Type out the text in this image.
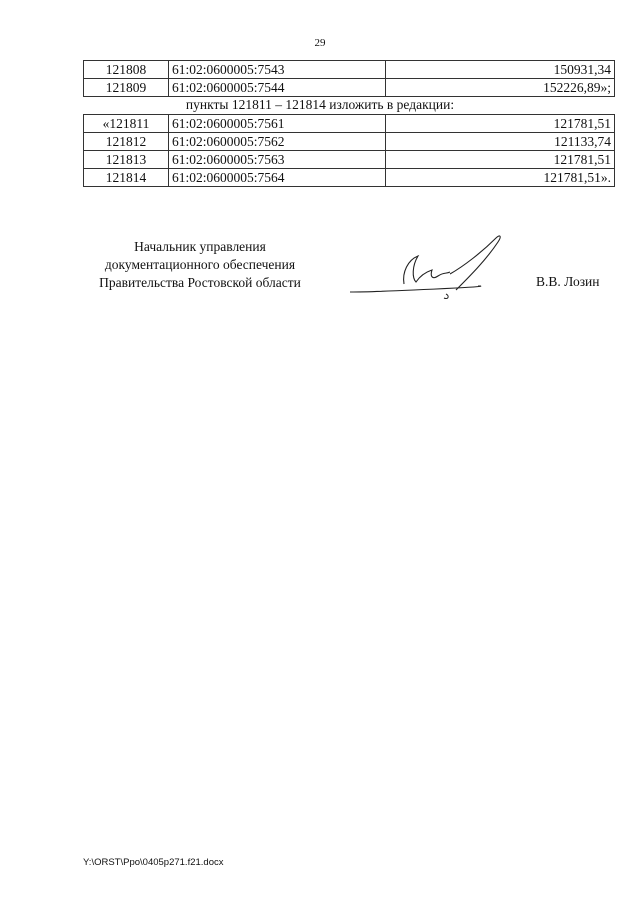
29
121808	61:02:0600005:7543	150931,34
121809	61:02:0600005:7544	152226,89»;
пункты 121811 – 121814 изложить в редакции:
«121811	61:02:0600005:7561	121781,51
121812	61:02:0600005:7562	121133,74
121813	61:02:0600005:7563	121781,51
121814	61:02:0600005:7564	121781,51».
Начальник управления
документационного обеспечения
Правительства Ростовской области	В.В. Лозин
Y:\ORST\Ppo\0405p271.f21.docx
